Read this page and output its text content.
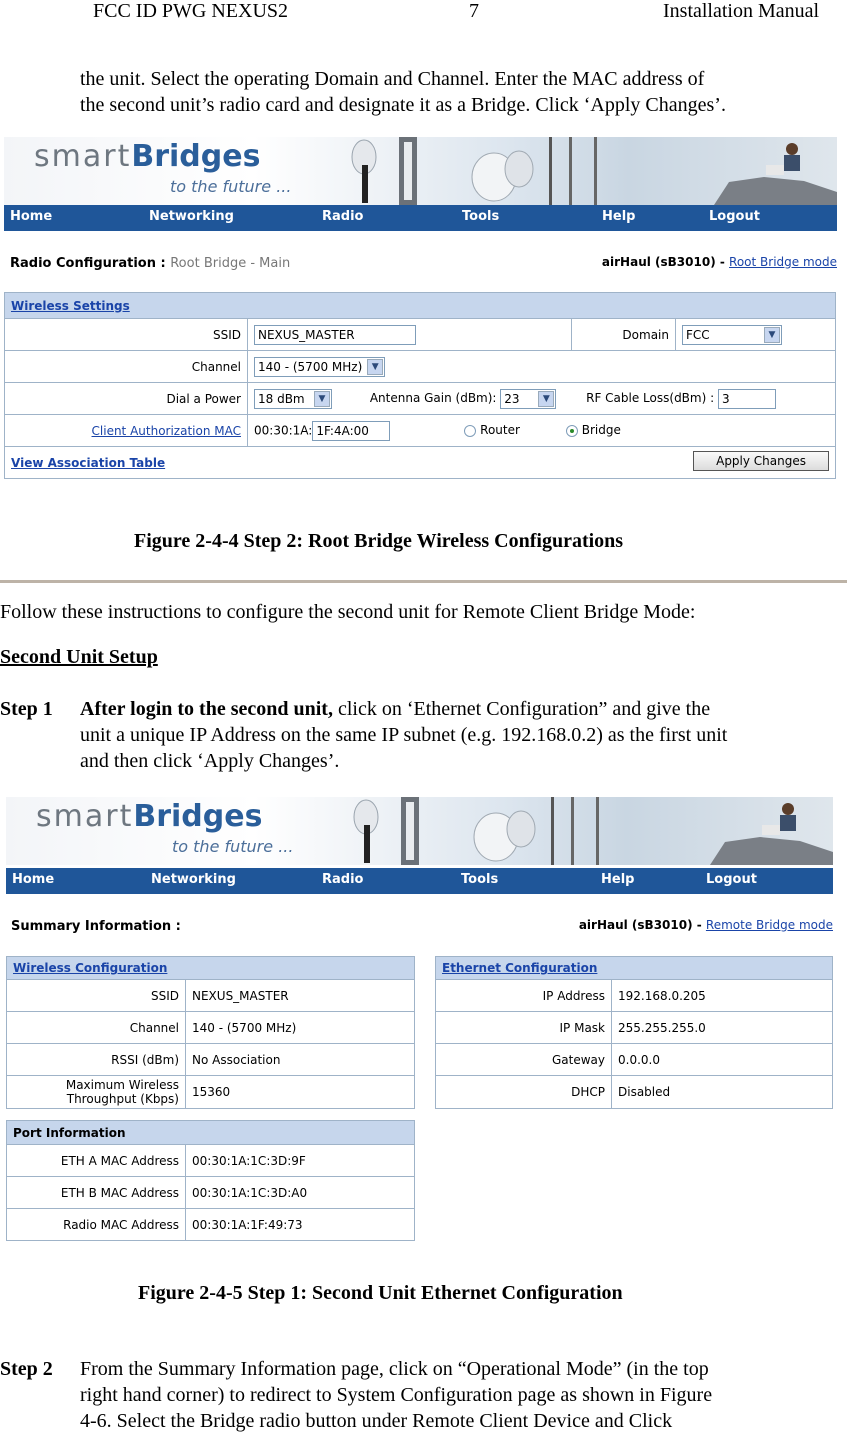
FCC ID PWG NEXUS2	7	Installation Manual
the unit. Select the operating Domain and Channel. Enter the MAC address of
the second unit’s radio card and designate it as a Bridge. Click ‘Apply Changes’.
smartBridges
to the future ...
Home	Networking	Radio	Tools	Help	Logout
Radio Configuration : Root Bridge - Main	airHaul (sB3010) - Root Bridge mode
Wireless Settings			
SSID	NEXUS_MASTER	Domain	FCC ▼

Channel	140 - (5700 MHz) ▼		

Dial a Power	18 dBm ▼ Antenna Gain (dBm): 23 ▼ RF Cable Loss(dBm) : 3		
Client Authorization MAC	00:30:1A: 1F:4A:00 Router Bridge		
View Association Table Apply Changes			
Figure 2-4-4 Step 2: Root Bridge Wireless Configurations
Follow these instructions to configure the second unit for Remote Client Bridge Mode:
Second Unit Setup
Step 1 After login to the second unit, click on ‘Ethernet Configuration” and give the
unit a unique IP Address on the same IP subnet (e.g. 192.168.0.2) as the first unit
and then click ‘Apply Changes’.
smartBridges
to the future ...
Home	Networking	Radio	Tools	Help	Logout
Summary Information :	airHaul (sB3010) - Remote Bridge mode
Wireless Configuration	
SSID	NEXUS_MASTER
Channel	140 - (5700 MHz)
RSSI (dBm)	No Association
Maximum Wireless Throughput (Kbps)	15360
Ethernet Configuration	
IP Address	192.168.0.205
IP Mask	255.255.255.0
Gateway	0.0.0.0
DHCP	Disabled
Port Information	
ETH A MAC Address	00:30:1A:1C:3D:9F
ETH B MAC Address	00:30:1A:1C:3D:A0
Radio MAC Address	00:30:1A:1F:49:73
Figure 2-4-5 Step 1: Second Unit Ethernet Configuration
Step 2 From the Summary Information page, click on “Operational Mode” (in the top
right hand corner) to redirect to System Configuration page as shown in Figure
4-6. Select the Bridge radio button under Remote Client Device and Click
